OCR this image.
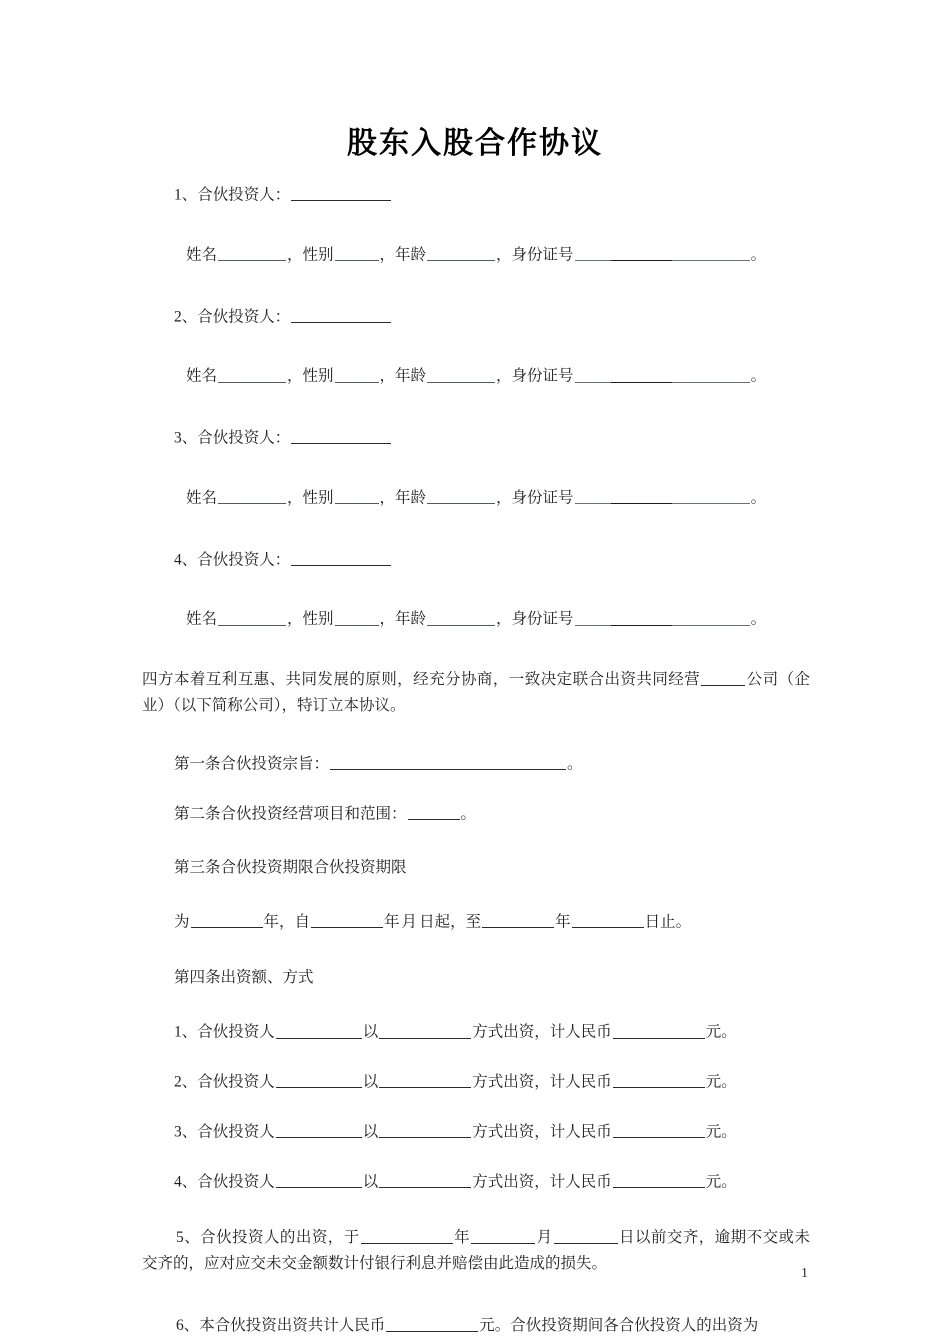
股东入股合作协议
1、合伙投资人：
姓名	，性别	，年龄	，身份证号	。
2、合伙投资人：
姓名	，性别	，年龄	，身份证号	。
3、合伙投资人：
姓名	，性别	，年龄	，身份证号	。
4、合伙投资人：
姓名	，性别	，年龄	，身份证号	。
四方本着互利互惠、共同发展的原则，经充分协商，一致决定联合出资共同经营	公司（企业）（以下简称公司），特订立本协议。
第一条合伙投资宗旨：	。
第二条合伙投资经营项目和范围：	。
第三条合伙投资期限合伙投资期限
为	年，自	年 月 日起，至	年	日止。
第四条出资额、方式
1、合伙投资人	以	方式出资，计人民币	元。
2、合伙投资人	以	方式出资，计人民币	元。
3、合伙投资人	以	方式出资，计人民币	元。
4、合伙投资人	以	方式出资，计人民币	元。
5、合伙投资人的出资，于	年	月	日以前交齐，逾期不交或未交齐的，应对应交未交金额数计付银行利息并赔偿由此造成的损失。
6、本合伙投资出资共计人民币	元。合伙投资期间各合伙投资人的出资为
1
